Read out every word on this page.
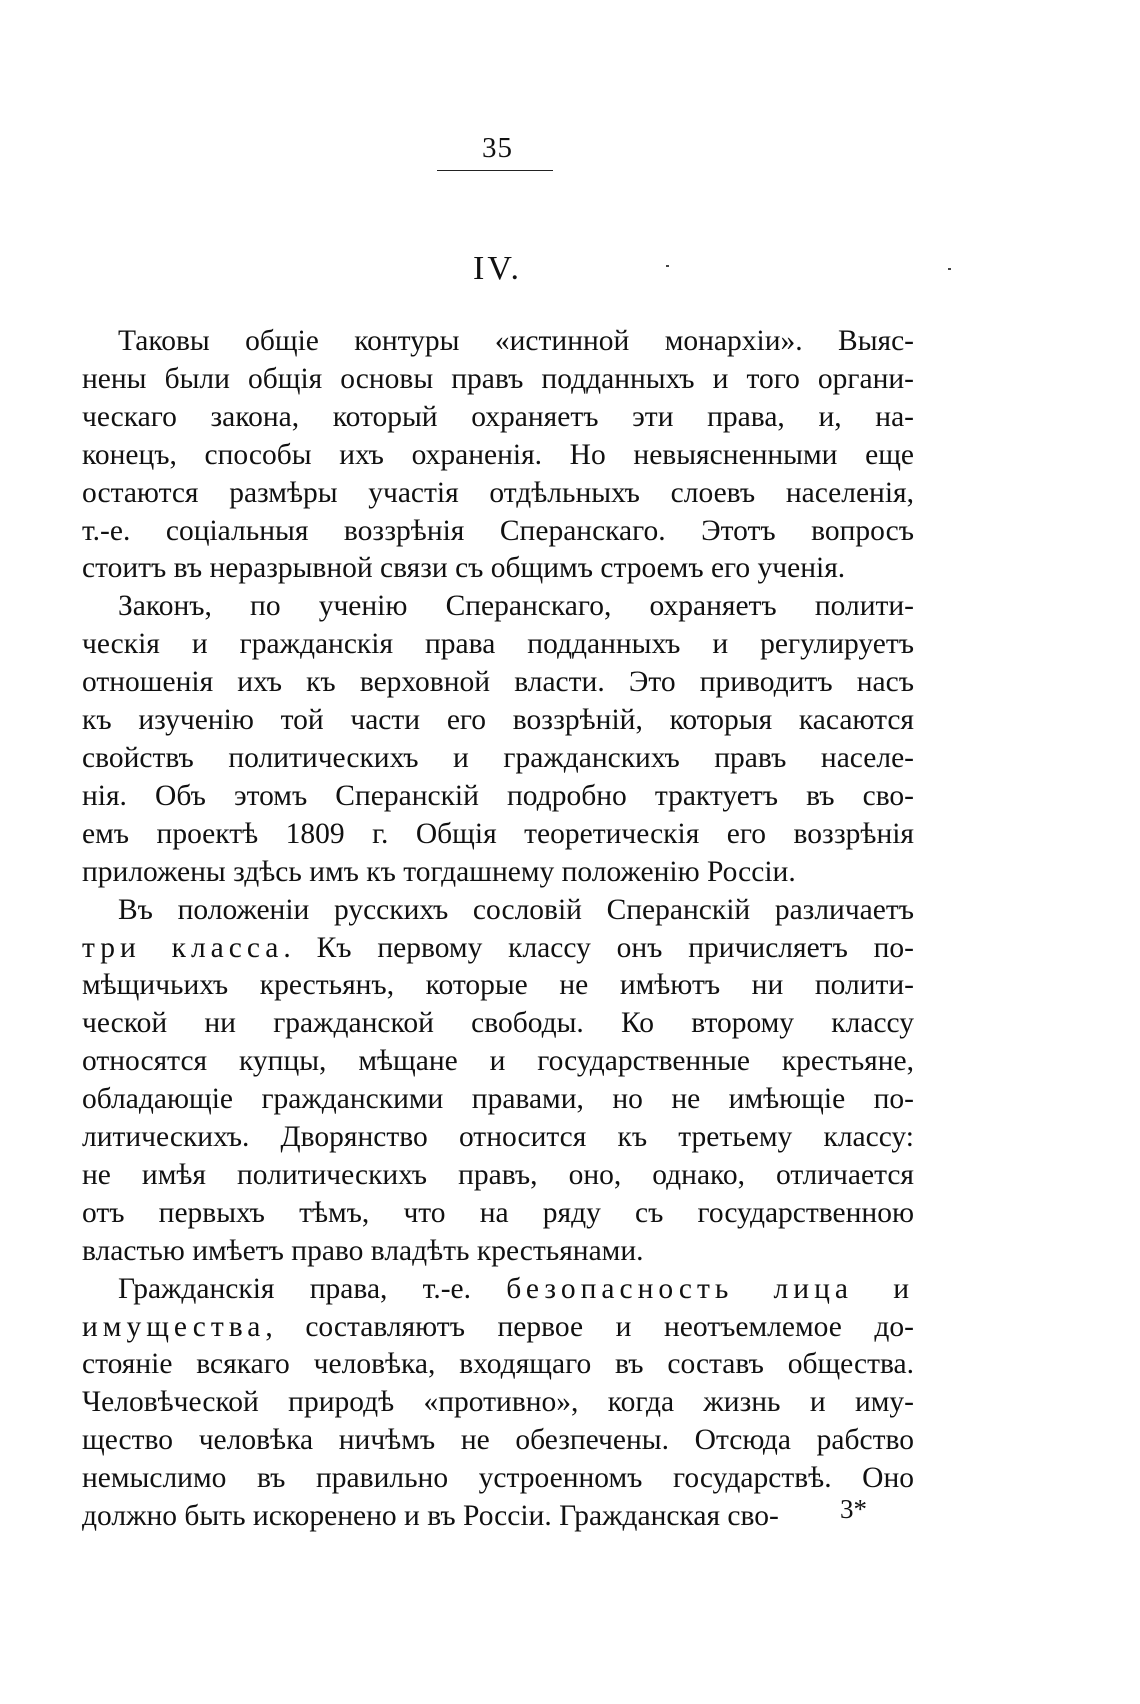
35
IV.
Таковы общіе контуры «истинной монархіи». Выяс-
нены были общія основы правъ подданныхъ и того органи-
ческаго закона, который охраняетъ эти права, и, на-
конецъ, способы ихъ охраненія. Но невыясненными еще
остаются размѣры участія отдѣльныхъ слоевъ населенія,
т.-е. соціальныя воззрѣнія Сперанскаго. Этотъ вопросъ
стоитъ въ неразрывной связи съ общимъ строемъ его ученія.
Законъ, по ученію Сперанскаго, охраняетъ полити-
ческія и гражданскія права подданныхъ и регулируетъ
отношенія ихъ къ верховной власти. Это приводитъ насъ
къ изученію той части его воззрѣній, которыя касаются
свойствъ политическихъ и гражданскихъ правъ населе-
нія. Объ этомъ Сперанскій подробно трактуетъ въ сво-
емъ проектѣ 1809 г. Общія теоретическія его воззрѣнія
приложены здѣсь имъ къ тогдашнему положенію Россіи.
Въ положеніи русскихъ сословій Сперанскій различаетъ
три класса. Къ первому классу онъ причисляетъ по-
мѣщичьихъ крестьянъ, которые не имѣютъ ни полити-
ческой ни гражданской свободы. Ко второму классу
относятся купцы, мѣщане и государственные крестьяне,
обладающіе гражданскими правами, но не имѣющіе по-
литическихъ. Дворянство относится къ третьему классу:
не имѣя политическихъ правъ, оно, однако, отличается
отъ первыхъ тѣмъ, что на ряду съ государственною
властью имѣетъ право владѣть крестьянами.
Гражданскія права, т.-е. безопасность лица и
имущества, составляютъ первое и неотъемлемое до-
стояніе всякаго человѣка, входящаго въ составъ общества.
Человѣческой природѣ «противно», когда жизнь и иму-
щество человѣка ничѣмъ не обезпечены. Отсюда рабство
немыслимо въ правильно устроенномъ государствѣ. Оно
должно быть искоренено и въ Россіи. Гражданская сво-	3*
